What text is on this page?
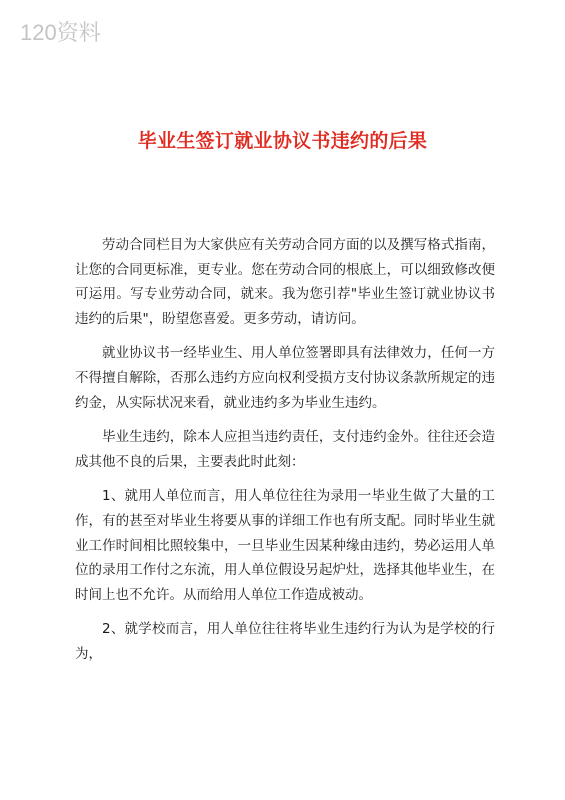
120资料
毕业生签订就业协议书违约的后果

劳动合同栏目为大家供应有关劳动合同方面的以及撰写格式指南，让您的合同更标准，更专业。您在劳动合同的根底上，可以细致修改便可运用。写专业劳动合同，就来。我为您引荐"毕业生签订就业协议书违约的后果"，盼望您喜爱。更多劳动，请访问。

就业协议书一经毕业生、用人单位签署即具有法律效力，任何一方不得擅自解除，否那么违约方应向权利受损方支付协议条款所规定的违约金，从实际状况来看，就业违约多为毕业生违约。

毕业生违约，除本人应担当违约责任，支付违约金外。往往还会造成其他不良的后果，主要表此时此刻：

1、就用人单位而言，用人单位往往为录用一毕业生做了大量的工作，有的甚至对毕业生将要从事的详细工作也有所支配。同时毕业生就业工作时间相比照较集中，一旦毕业生因某种缘由违约，势必运用人单位的录用工作付之东流，用人单位假设另起炉灶，选择其他毕业生，在时间上也不允许。从而给用人单位工作造成被动。

2、就学校而言，用人单位往往将毕业生违约行为认为是学校的行为，
